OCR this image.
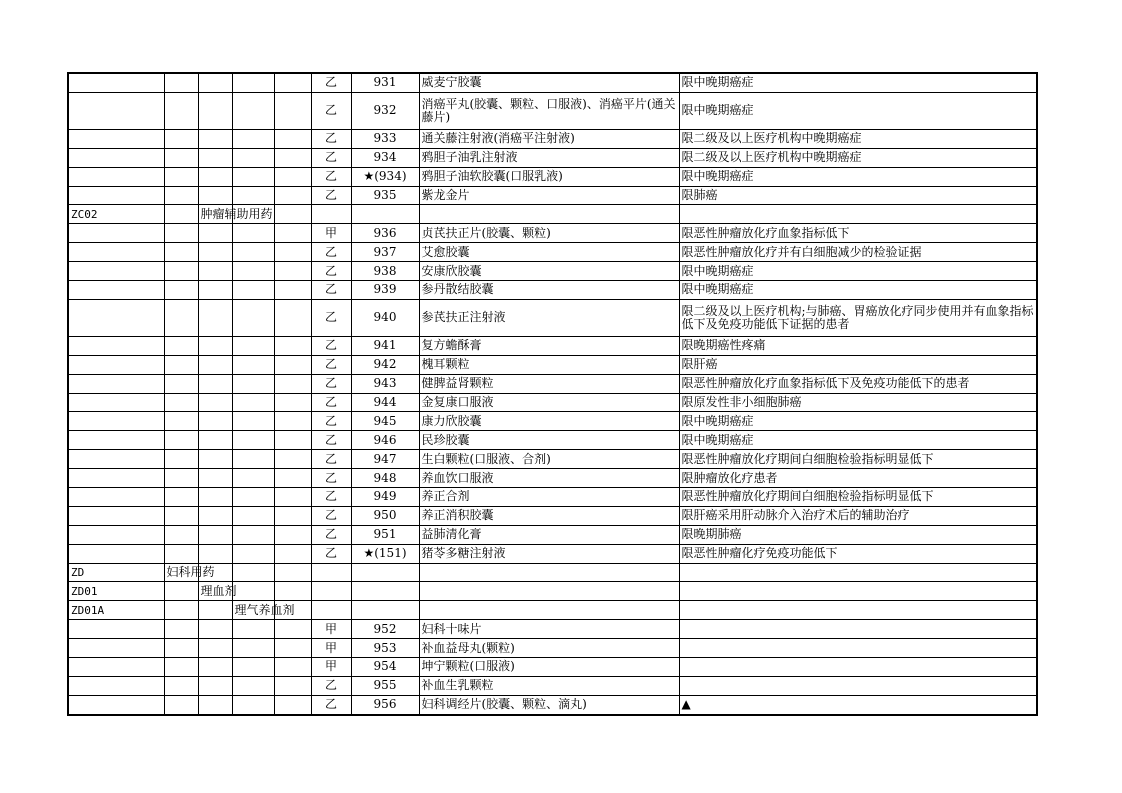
					乙	931	威麦宁胶囊	限中晚期癌症
					乙	932	消癌平丸(胶囊、颗粒、口服液)、消癌平片(通关藤片)	限中晚期癌症
					乙	933	通关藤注射液(消癌平注射液)	限二级及以上医疗机构中晚期癌症
					乙	934	鸦胆子油乳注射液	限二级及以上医疗机构中晚期癌症
					乙	★(934)	鸦胆子油软胶囊(口服乳液)	限中晚期癌症
					乙	935	紫龙金片	限肺癌
ZC02		肿瘤辅助用药						
					甲	936	贞芪扶正片(胶囊、颗粒)	限恶性肿瘤放化疗血象指标低下
					乙	937	艾愈胶囊	限恶性肿瘤放化疗并有白细胞减少的检验证据
					乙	938	安康欣胶囊	限中晚期癌症
					乙	939	参丹散结胶囊	限中晚期癌症
					乙	940	参芪扶正注射液	限二级及以上医疗机构;与肺癌、胃癌放化疗同步使用并有血象指标低下及免疫功能低下证据的患者
					乙	941	复方蟾酥膏	限晚期癌性疼痛
					乙	942	槐耳颗粒	限肝癌
					乙	943	健脾益肾颗粒	限恶性肿瘤放化疗血象指标低下及免疫功能低下的患者
					乙	944	金复康口服液	限原发性非小细胞肺癌
					乙	945	康力欣胶囊	限中晚期癌症
					乙	946	民珍胶囊	限中晚期癌症
					乙	947	生白颗粒(口服液、合剂)	限恶性肿瘤放化疗期间白细胞检验指标明显低下
					乙	948	养血饮口服液	限肿瘤放化疗患者
					乙	949	养正合剂	限恶性肿瘤放化疗期间白细胞检验指标明显低下
					乙	950	养正消积胶囊	限肝癌采用肝动脉介入治疗术后的辅助治疗
					乙	951	益肺清化膏	限晚期肺癌
					乙	★(151)	猪苓多糖注射液	限恶性肿瘤化疗免疫功能低下
ZD	妇科用药							
ZD01		理血剂						
ZD01A			理气养血剂					
					甲	952	妇科十味片	
					甲	953	补血益母丸(颗粒)	
					甲	954	坤宁颗粒(口服液)	
					乙	955	补血生乳颗粒	
					乙	956	妇科调经片(胶囊、颗粒、滴丸)	▲
